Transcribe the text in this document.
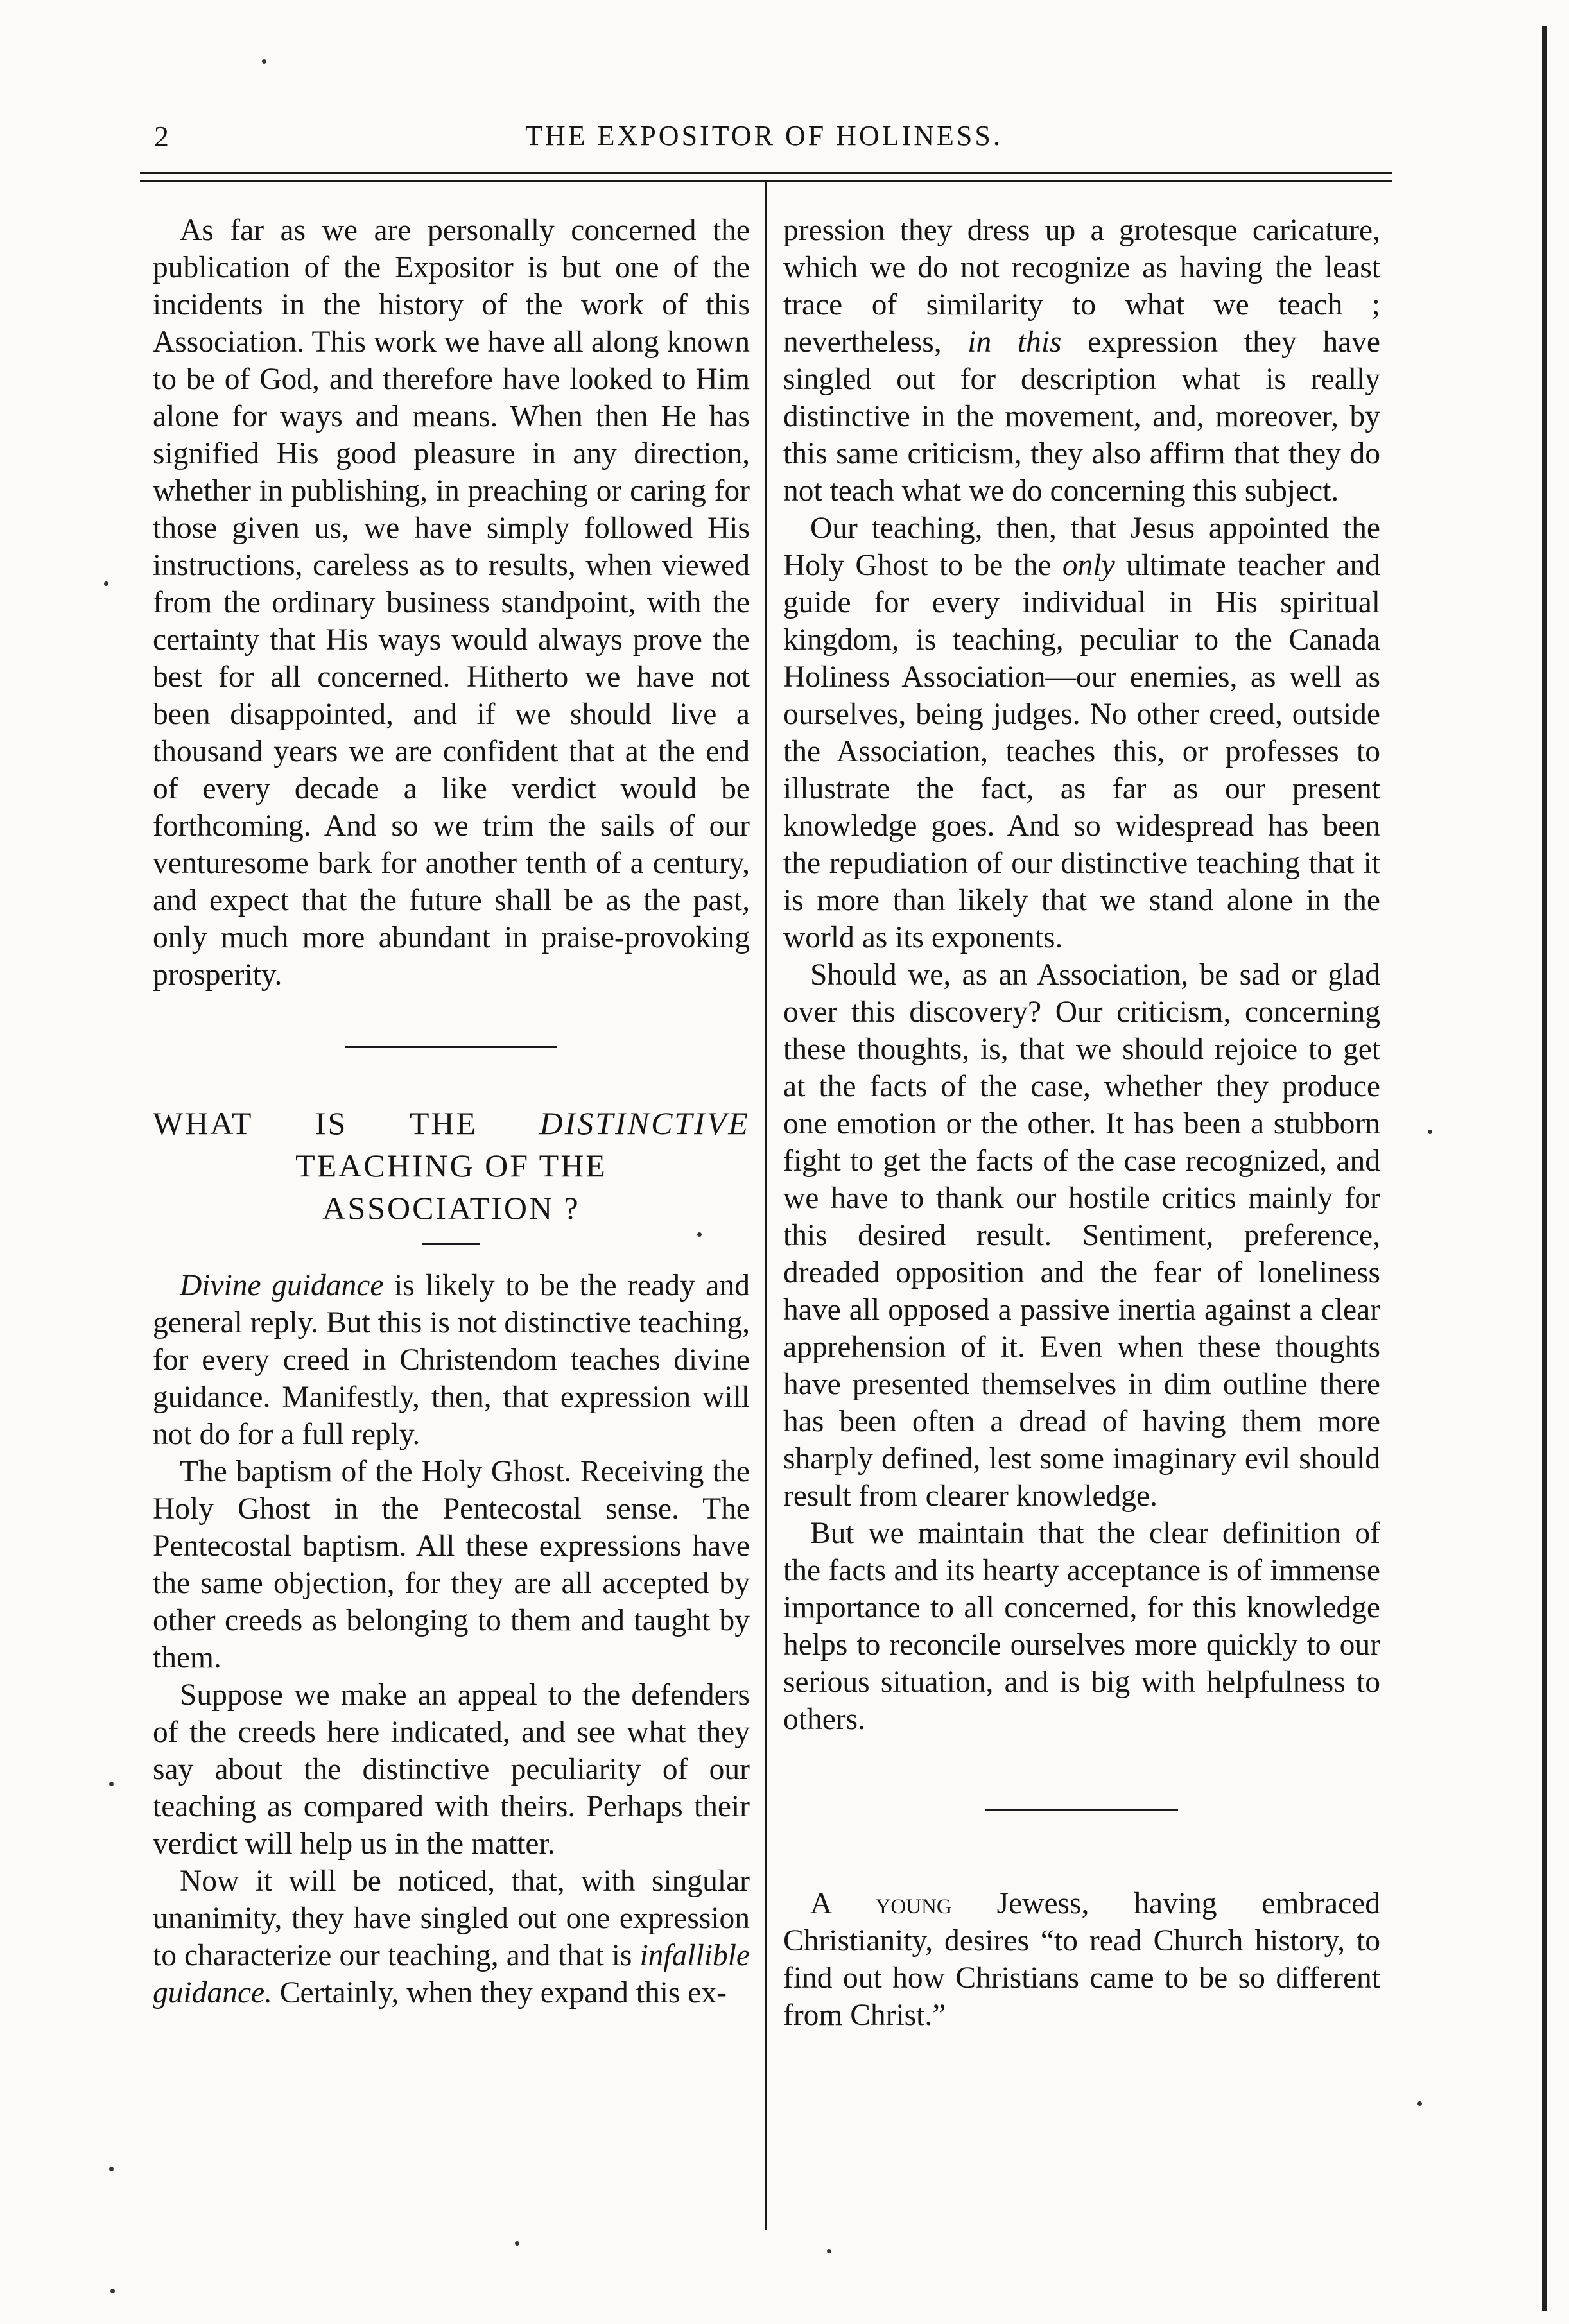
2	THE EXPOSITOR OF HOLINESS.

As far as we are personally concerned the publication of the Expositor is but one of the incidents in the history of the work of this Association. This work we have all along known to be of God, and therefore have looked to Him alone for ways and means. When then He has signified His good pleasure in any direction, whether in publishing, in preaching or caring for those given us, we have simply followed His instructions, careless as to results, when viewed from the ordinary business standpoint, with the certainty that His ways would always prove the best for all concerned. Hitherto we have not been disappointed, and if we should live a thousand years we are confident that at the end of every decade a like verdict would be forthcoming. And so we trim the sails of our venturesome bark for another tenth of a century, and expect that the future shall be as the past, only much more abundant in praise-provoking prosperity.

WHAT IS THE DISTINCTIVE
TEACHING OF THE
ASSOCIATION ?

Divine guidance is likely to be the ready and general reply. But this is not distinctive teaching, for every creed in Christendom teaches divine guidance. Manifestly, then, that expression will not do for a full reply.

The baptism of the Holy Ghost. Receiving the Holy Ghost in the Pentecostal sense. The Pentecostal baptism. All these expressions have the same objection, for they are all accepted by other creeds as belonging to them and taught by them.

Suppose we make an appeal to the defenders of the creeds here indicated, and see what they say about the distinctive peculiarity of our teaching as compared with theirs. Perhaps their verdict will help us in the matter.

Now it will be noticed, that, with singular unanimity, they have singled out one expression to characterize our teaching, and that is infallible guidance. Certainly, when they expand this ex-

pression they dress up a grotesque caricature, which we do not recognize as having the least trace of similarity to what we teach ; nevertheless, in this expression they have singled out for description what is really distinctive in the movement, and, moreover, by this same criticism, they also affirm that they do not teach what we do concerning this subject.

Our teaching, then, that Jesus appointed the Holy Ghost to be the only ultimate teacher and guide for every individual in His spiritual kingdom, is teaching, peculiar to the Canada Holiness Association—our enemies, as well as ourselves, being judges. No other creed, outside the Association, teaches this, or professes to illustrate the fact, as far as our present knowledge goes. And so widespread has been the repudiation of our distinctive teaching that it is more than likely that we stand alone in the world as its exponents.

Should we, as an Association, be sad or glad over this discovery? Our criticism, concerning these thoughts, is, that we should rejoice to get at the facts of the case, whether they produce one emotion or the other. It has been a stubborn fight to get the facts of the case recognized, and we have to thank our hostile critics mainly for this desired result. Sentiment, preference, dreaded opposition and the fear of loneliness have all opposed a passive inertia against a clear apprehension of it. Even when these thoughts have presented themselves in dim outline there has been often a dread of having them more sharply defined, lest some imaginary evil should result from clearer knowledge.

But we maintain that the clear definition of the facts and its hearty acceptance is of immense importance to all concerned, for this knowledge helps to reconcile ourselves more quickly to our serious situation, and is big with helpfulness to others.

A young Jewess, having embraced Christianity, desires “to read Church history, to find out how Christians came to be so different from Christ.”
